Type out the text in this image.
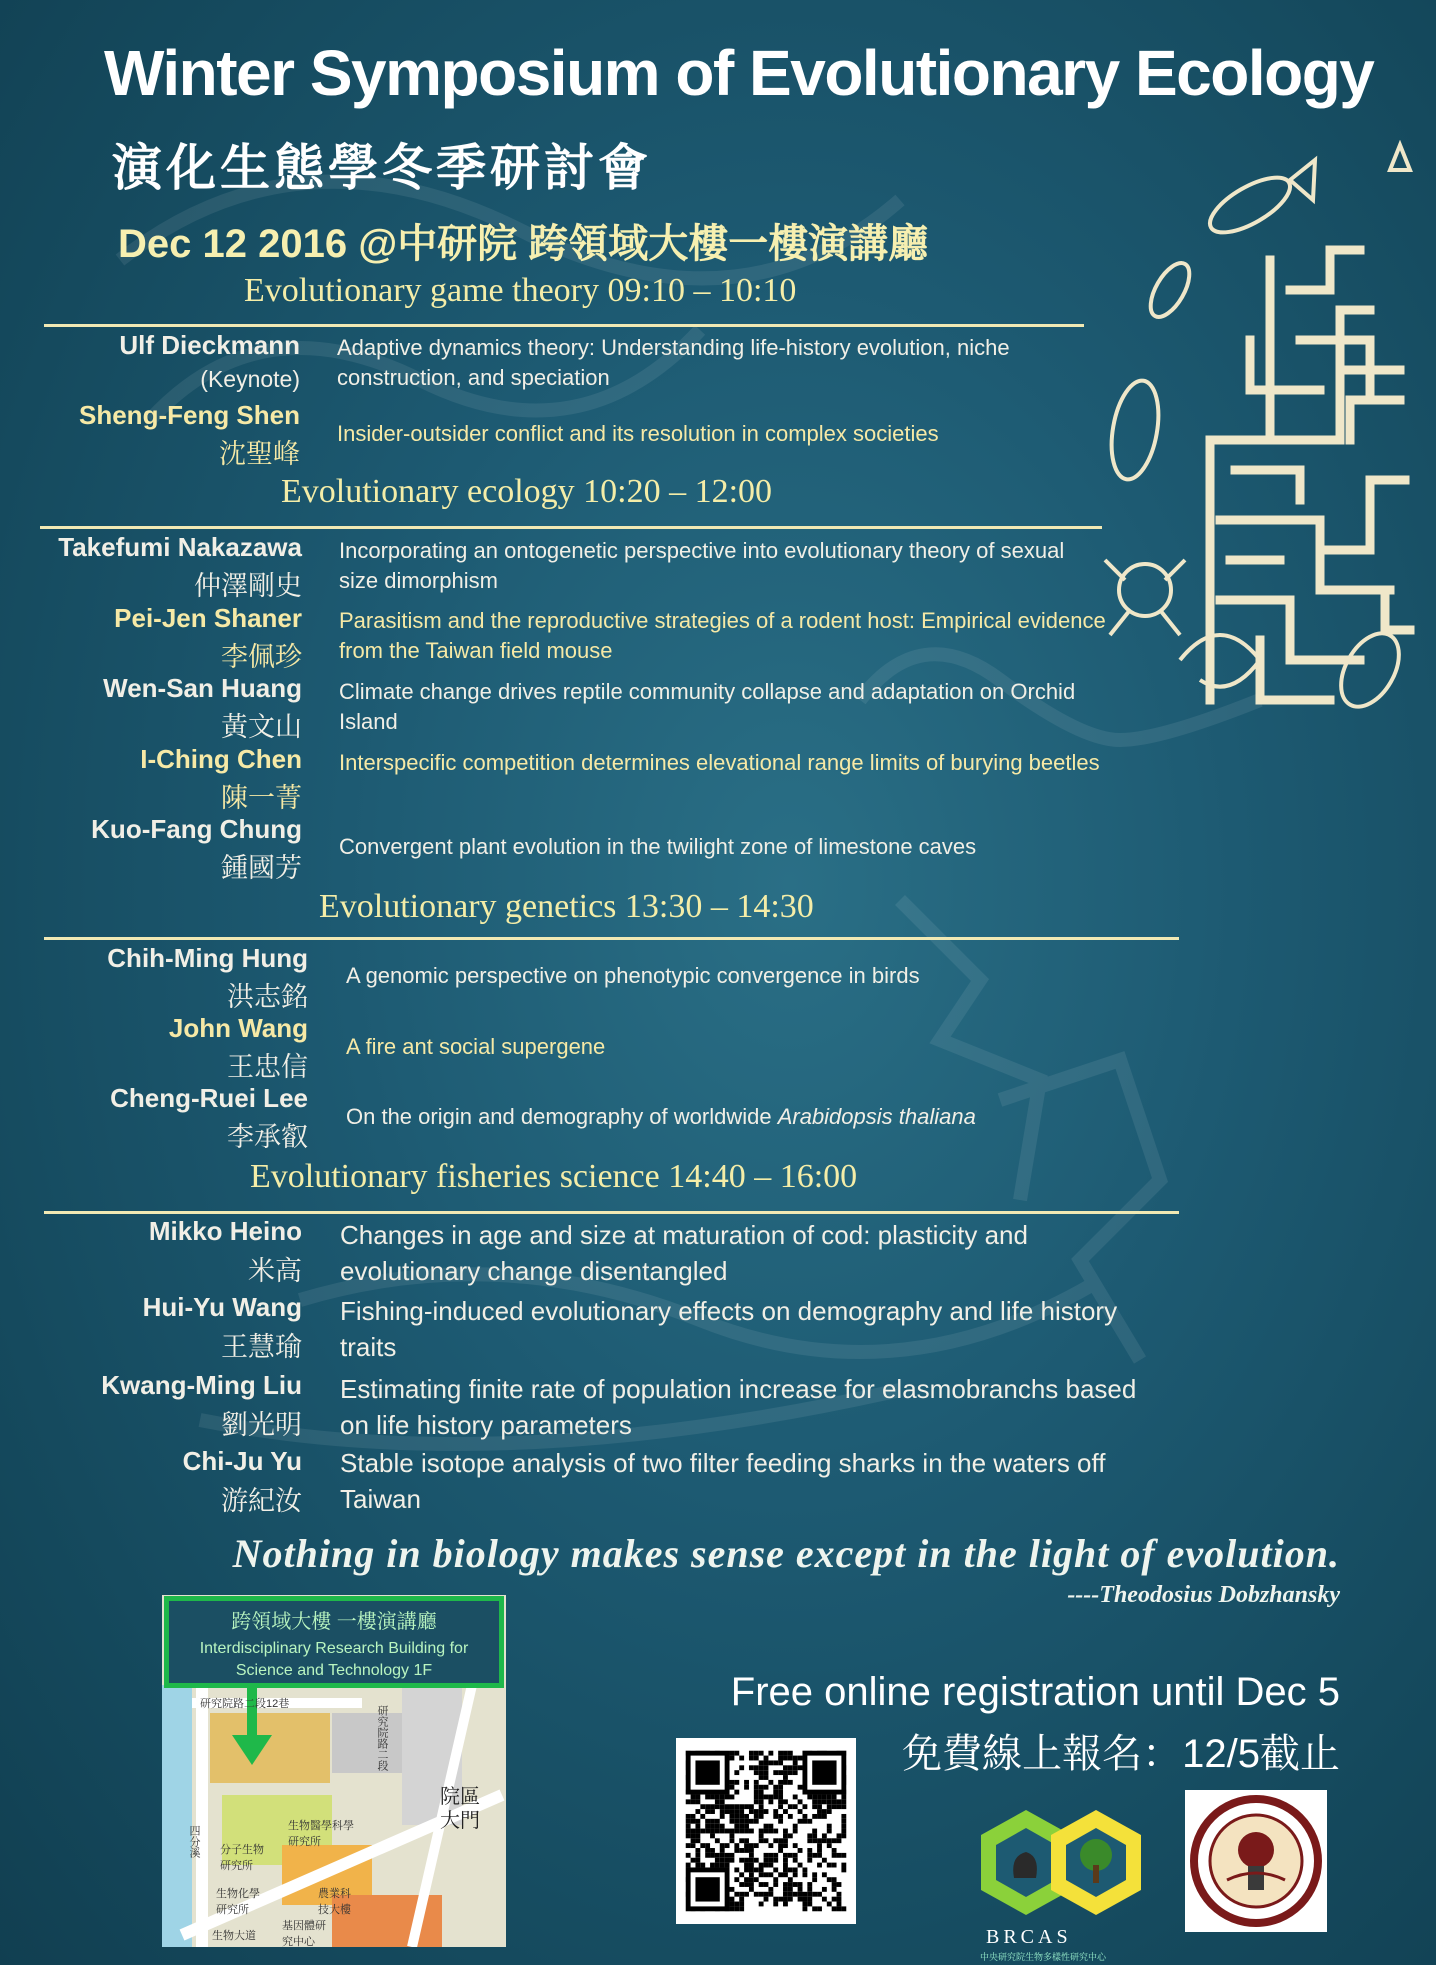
Winter Symposium of Evolutionary Ecology
演化生態學冬季研討會
Dec 12 2016 @中研院 跨領域大樓一樓演講廳
Evolutionary game theory 09:10 – 10:10
Ulf Dieckmann
(Keynote)
Adaptive dynamics theory: Understanding life-history evolution, niche construction, and speciation
Sheng-Feng Shen
沈聖峰
Insider-outsider conflict and its resolution in complex societies
Evolutionary ecology 10:20 – 12:00
Takefumi Nakazawa
仲澤剛史
Incorporating an ontogenetic perspective into evolutionary theory of sexual size dimorphism
Pei-Jen Shaner
李佩珍
Parasitism and the reproductive strategies of a rodent host: Empirical evidence from the Taiwan field mouse
Wen-San Huang
黃文山
Climate change drives reptile community collapse and adaptation on Orchid Island
I-Ching Chen
陳一菁
Interspecific competition determines elevational range limits of burying beetles
Kuo-Fang Chung
鍾國芳
Convergent plant evolution in the twilight zone of limestone caves
Evolutionary genetics 13:30 – 14:30
Chih-Ming Hung
洪志銘
A genomic perspective on phenotypic convergence in birds
John Wang
王忠信
A fire ant social supergene
Cheng-Ruei Lee
李承叡
On the origin and demography of worldwide Arabidopsis thaliana
Evolutionary fisheries science 14:40 – 16:00
Mikko Heino
米高
Changes in age and size at maturation of cod: plasticity and evolutionary change disentangled
Hui-Yu Wang
王慧瑜
Fishing-induced evolutionary effects on demography and life history traits
Kwang-Ming Liu
劉光明
Estimating finite rate of population increase for elasmobranchs based on life history parameters
Chi-Ju Yu
游紀汝
Stable isotope analysis of two filter feeding sharks in the waters off Taiwan
Nothing in biology makes sense except in the light of evolution.
----Theodosius Dobzhansky
研究院路二段12巷
研究院路二段
院區大門
生物醫學科學研究所
分子生物研究所
生物化學研究所
農業科技大樓
基因體研究中心
四分溪
生物大道
跨領域大樓 一樓演講廳
Interdisciplinary Research Building for
Science and Technology 1F	Free online registration until Dec 5
免費線上報名：12/5截止
BRCAS
中央研究院生物多樣性研究中心
